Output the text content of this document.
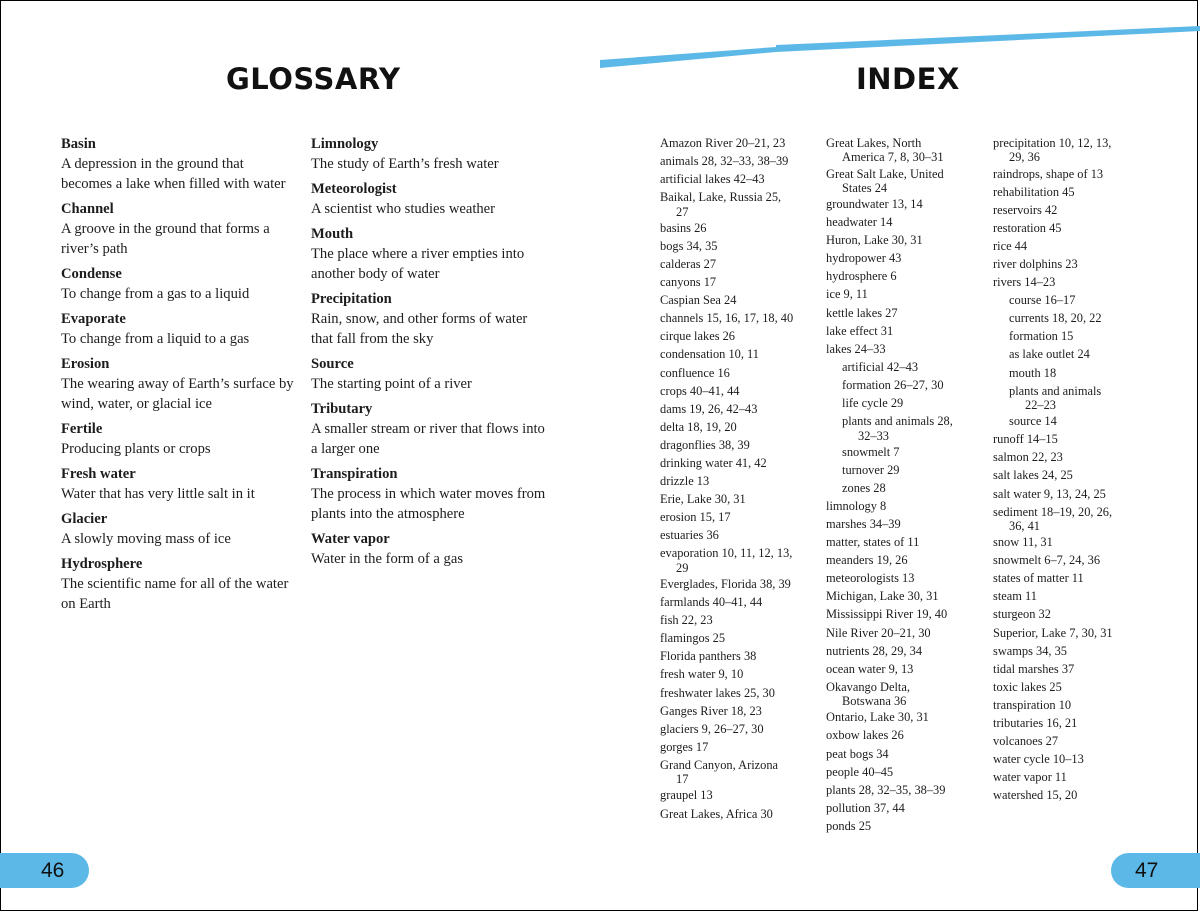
GLOSSARY	INDEX
Basin
A depression in the ground that becomes a lake when filled with water
Channel
A groove in the ground that forms a river’s path
Condense
To change from a gas to a liquid
Evaporate
To change from a liquid to a gas
Erosion
The wearing away of Earth’s surface by wind, water, or glacial ice
Fertile
Producing plants or crops
Fresh water
Water that has very little salt in it
Glacier
A slowly moving mass of ice
Hydrosphere
The scientific name for all of the water on Earth
Limnology
The study of Earth’s fresh water
Meteorologist
A scientist who studies weather
Mouth
The place where a river empties into another body of water
Precipitation
Rain, snow, and other forms of water that fall from the sky
Source
The starting point of a river
Tributary
A smaller stream or river that flows into a larger one
Transpiration
The process in which water moves from plants into the atmosphere
Water vapor
Water in the form of a gas
Amazon River 20–21, 23
animals 28, 32–33, 38–39
artificial lakes 42–43
Baikal, Lake, Russia 25,
27
basins 26
bogs 34, 35
calderas 27
canyons 17
Caspian Sea 24
channels 15, 16, 17, 18, 40
cirque lakes 26
condensation 10, 11
confluence 16
crops 40–41, 44
dams 19, 26, 42–43
delta 18, 19, 20
dragonflies 38, 39
drinking water 41, 42
drizzle 13
Erie, Lake 30, 31
erosion 15, 17
estuaries 36
evaporation 10, 11, 12, 13,
29
Everglades, Florida 38, 39
farmlands 40–41, 44
fish 22, 23
flamingos 25
Florida panthers 38
fresh water 9, 10
freshwater lakes 25, 30
Ganges River 18, 23
glaciers 9, 26–27, 30
gorges 17
Grand Canyon, Arizona
17
graupel 13
Great Lakes, Africa 30
Great Lakes, North
America 7, 8, 30–31
Great Salt Lake, United
States 24
groundwater 13, 14
headwater 14
Huron, Lake 30, 31
hydropower 43
hydrosphere 6
ice 9, 11
kettle lakes 27
lake effect 31
lakes 24–33
artificial 42–43
formation 26–27, 30
life cycle 29
plants and animals 28,
32–33
snowmelt 7
turnover 29
zones 28
limnology 8
marshes 34–39
matter, states of 11
meanders 19, 26
meteorologists 13
Michigan, Lake 30, 31
Mississippi River 19, 40
Nile River 20–21, 30
nutrients 28, 29, 34
ocean water 9, 13
Okavango Delta,
Botswana 36
Ontario, Lake 30, 31
oxbow lakes 26
peat bogs 34
people 40–45
plants 28, 32–35, 38–39
pollution 37, 44
ponds 25
precipitation 10, 12, 13,
29, 36
raindrops, shape of 13
rehabilitation 45
reservoirs 42
restoration 45
rice 44
river dolphins 23
rivers 14–23
course 16–17
currents 18, 20, 22
formation 15
as lake outlet 24
mouth 18
plants and animals
22–23
source 14
runoff 14–15
salmon 22, 23
salt lakes 24, 25
salt water 9, 13, 24, 25
sediment 18–19, 20, 26,
36, 41
snow 11, 31
snowmelt 6–7, 24, 36
states of matter 11
steam 11
sturgeon 32
Superior, Lake 7, 30, 31
swamps 34, 35
tidal marshes 37
toxic lakes 25
transpiration 10
tributaries 16, 21
volcanoes 27
water cycle 10–13
water vapor 11
watershed 15, 20
46	47
